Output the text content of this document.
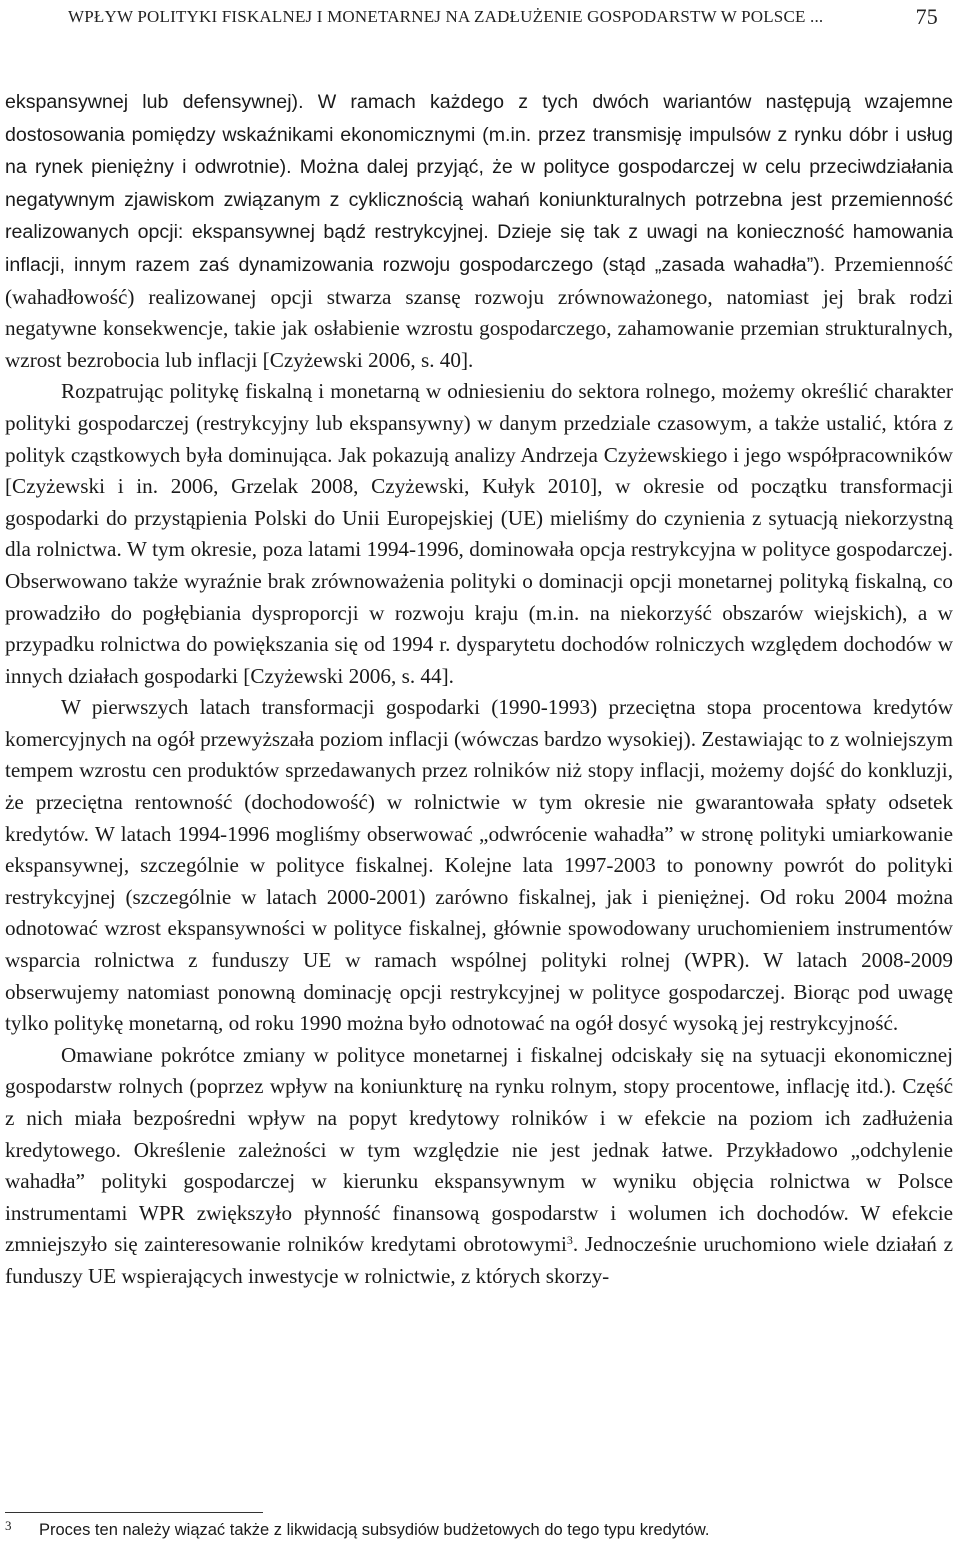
WPŁYW POLITYKI FISKALNEJ I MONETARNEJ NA ZADŁUŻENIE GOSPODARSTW W POLSCE ...	75

ekspansywnej lub defensywnej). W ramach każdego z tych dwóch wariantów następują wzajemne dostosowania pomiędzy wskaźnikami ekonomicznymi (m.in. przez transmisję impulsów z rynku dóbr i usług na rynek pieniężny i odwrotnie). Można dalej przyjąć, że w polityce gospodarczej w celu przeciwdziałania negatywnym zjawiskom związanym z cyklicznością wahań koniunkturalnych potrzebna jest przemienność realizowanych opcji: ekspansywnej bądź restrykcyjnej. Dzieje się tak z uwagi na konieczność hamowania inflacji, innym razem zaś dynamizowania rozwoju gospodarczego (stąd „zasada wahadła”). Przemienność (wahadłowość) realizowanej opcji stwarza szansę rozwoju zrównoważonego, natomiast jej brak rodzi negatywne konsekwencje, takie jak osłabienie wzrostu gospodarczego, zahamowanie przemian strukturalnych, wzrost bezrobocia lub inflacji [Czyżewski 2006, s. 40].

Rozpatrując politykę fiskalną i monetarną w odniesieniu do sektora rolnego, możemy określić charakter polityki gospodarczej (restrykcyjny lub ekspansywny) w danym przedziale czasowym, a także ustalić, która z polityk cząstkowych była dominująca. Jak pokazują analizy Andrzeja Czyżewskiego i jego współpracowników [Czyżewski i in. 2006, Grzelak 2008, Czyżewski, Kułyk 2010], w okresie od początku transformacji gospodarki do przystąpienia Polski do Unii Europejskiej (UE) mieliśmy do czynienia z sytuacją niekorzystną dla rolnictwa. W tym okresie, poza latami 1994-1996, dominowała opcja restrykcyjna w polityce gospodarczej. Obserwowano także wyraźnie brak zrównoważenia polityki o dominacji opcji monetarnej polityką fiskalną, co prowadziło do pogłębiania dysproporcji w rozwoju kraju (m.in. na niekorzyść obszarów wiejskich), a w przypadku rolnictwa do powiększania się od 1994 r. dysparytetu dochodów rolniczych względem dochodów w innych działach gospodarki [Czyżewski 2006, s. 44].

W pierwszych latach transformacji gospodarki (1990-1993) przeciętna stopa procentowa kredytów komercyjnych na ogół przewyższała poziom inflacji (wówczas bardzo wysokiej). Zestawiając to z wolniejszym tempem wzrostu cen produktów sprzedawanych przez rolników niż stopy inflacji, możemy dojść do konkluzji, że przeciętna rentowność (dochodowość) w rolnictwie w tym okresie nie gwarantowała spłaty odsetek kredytów. W latach 1994-1996 mogliśmy obserwować „odwrócenie wahadła” w stronę polityki umiarkowanie ekspansywnej, szczególnie w polityce fiskalnej. Kolejne lata 1997-2003 to ponowny powrót do polityki restrykcyjnej (szczególnie w latach 2000-2001) zarówno fiskalnej, jak i pieniężnej. Od roku 2004 można odnotować wzrost ekspansywności w polityce fiskalnej, głównie spowodowany uruchomieniem instrumentów wsparcia rolnictwa z funduszy UE w ramach wspólnej polityki rolnej (WPR). W latach 2008-2009 obserwujemy natomiast ponowną dominację opcji restrykcyjnej w polityce gospodarczej. Biorąc pod uwagę tylko politykę monetarną, od roku 1990 można było odnotować na ogół dosyć wysoką jej restrykcyjność.

Omawiane pokrótce zmiany w polityce monetarnej i fiskalnej odciskały się na sytuacji ekonomicznej gospodarstw rolnych (poprzez wpływ na koniunkturę na rynku rolnym, stopy procentowe, inflację itd.). Część z nich miała bezpośredni wpływ na popyt kredytowy rolników i w efekcie na poziom ich zadłużenia kredytowego. Określenie zależności w tym względzie nie jest jednak łatwe. Przykładowo „odchylenie wahadła” polityki gospodarczej w kierunku ekspansywnym w wyniku objęcia rolnictwa w Polsce instrumentami WPR zwiększyło płynność finansową gospodarstw i wolumen ich dochodów. W efekcie zmniejszyło się zainteresowanie rolników kredytami obrotowymi$^3$. Jednocześnie uruchomiono wiele działań z funduszy UE wspierających inwestycje w rolnictwie, z których skorzy-

3 Proces ten należy wiązać także z likwidacją subsydiów budżetowych do tego typu kredytów.
